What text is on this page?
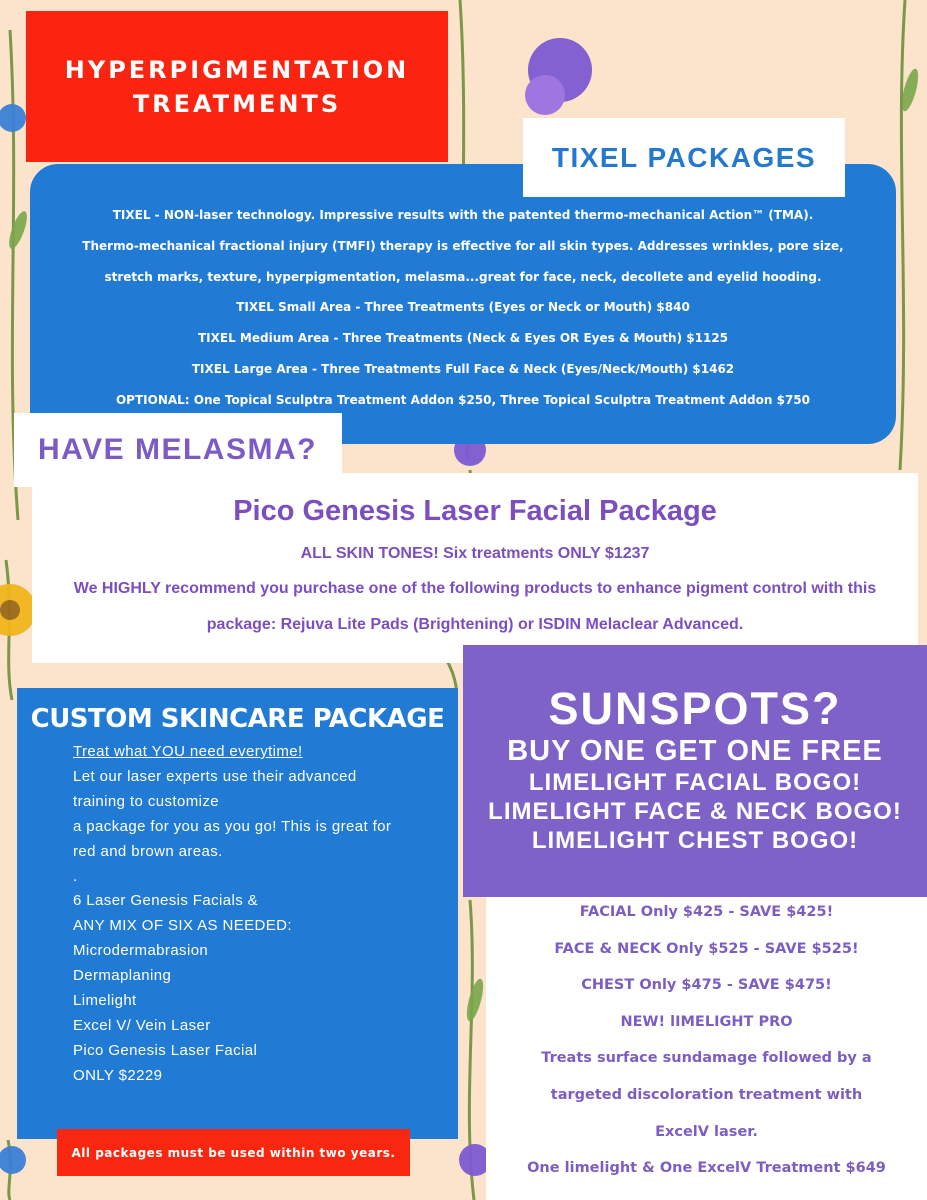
HYPERPIGMENTATION
TREATMENTS

TIXEL - NON-laser technology. Impressive results with the patented thermo-mechanical Action™ (TMA).

Thermo-mechanical fractional injury (TMFI) therapy is effective for all skin types. Addresses wrinkles, pore size,

stretch marks, texture, hyperpigmentation, melasma...great for face, neck, decollete and eyelid hooding.

TIXEL Small Area - Three Treatments (Eyes or Neck or Mouth) $840

TIXEL Medium Area - Three Treatments (Neck & Eyes OR Eyes & Mouth) $1125

TIXEL Large Area - Three Treatments Full Face & Neck (Eyes/Neck/Mouth) $1462

OPTIONAL: One Topical Sculptra Treatment Addon $250, Three Topical Sculptra Treatment Addon $750

TIXEL PACKAGES
Pico Genesis Laser Facial Package
ALL SKIN TONES! Six treatments ONLY $1237
We HIGHLY recommend you purchase one of the following products to enhance pigment control with this
package: Rejuva Lite Pads (Brightening) or ISDIN Melaclear Advanced.
HAVE MELASMA?
CUSTOM SKINCARE PACKAGE

Treat what YOU need everytime!

Let our laser experts use their advanced

training to customize

a package for you as you go! This is great for

red and brown areas.

.

6 Laser Genesis Facials &

ANY MIX OF SIX AS NEEDED:

Microdermabrasion

Dermaplaning

Limelight

Excel V/ Vein Laser

Pico Genesis Laser Facial

ONLY $2229

All packages must be used within two years.

FACIAL Only $425 - SAVE $425!

FACE & NECK Only $525 - SAVE $525!

CHEST Only $475 - SAVE $475!

NEW! lIMELIGHT PRO

Treats surface sundamage followed by a

targeted discoloration treatment with

ExcelV laser.

One limelight & One ExcelV Treatment $649

SUNSPOTS?
BUY ONE GET ONE FREE
LIMELIGHT FACIAL BOGO!
LIMELIGHT FACE & NECK BOGO!
LIMELIGHT CHEST BOGO!
